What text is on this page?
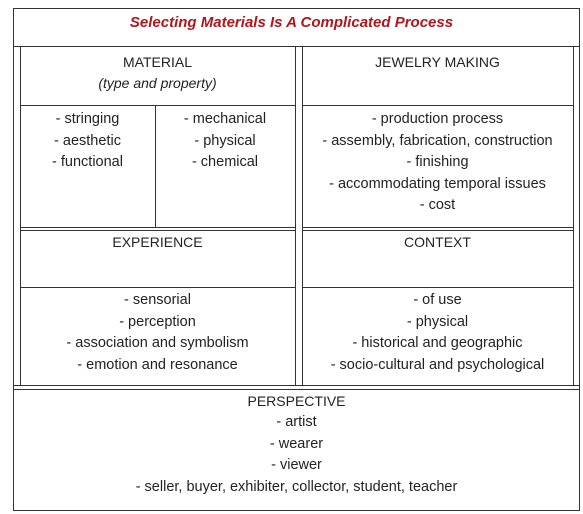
Selecting Materials Is A Complicated Process
MATERIAL
(type and property)
- stringing
- aesthetic
- functional
- mechanical
- physical
- chemical
JEWELRY MAKING
- production process
- assembly, fabrication, construction
- finishing
- accommodating temporal issues
- cost
EXPERIENCE
- sensorial
- perception
- association and symbolism
- emotion and resonance
CONTEXT
- of use
- physical
- historical and geographic
- socio-cultural and psychological
PERSPECTIVE
- artist
- wearer
- viewer
- seller, buyer, exhibiter, collector, student, teacher
